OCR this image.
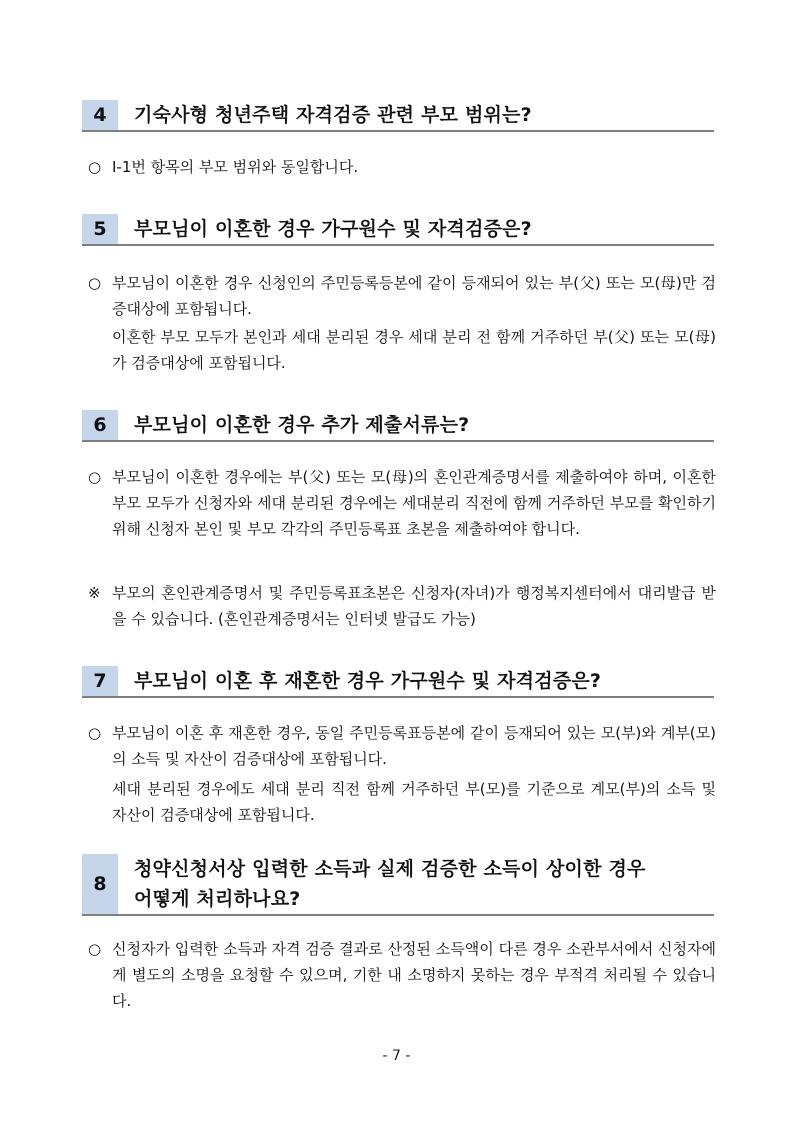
4	기숙사형 청년주택 자격검증 관련 부모 범위는?
○ Ⅰ-1번 항목의 부모 범위와 동일합니다.
5	부모님이 이혼한 경우 가구원수 및 자격검증은?
○ 부모님이 이혼한 경우 신청인의 주민등록등본에 같이 등재되어 있는 부(父) 또는 모(母)만 검증대상에 포함됩니다.
이혼한 부모 모두가 본인과 세대 분리된 경우 세대 분리 전 함께 거주하던 부(父) 또는 모(母)가 검증대상에 포함됩니다.
6	부모님이 이혼한 경우 추가 제출서류는?
○ 부모님이 이혼한 경우에는 부(父) 또는 모(母)의 혼인관계증명서를 제출하여야 하며, 이혼한 부모 모두가 신청자와 세대 분리된 경우에는 세대분리 직전에 함께 거주하던 부모를 확인하기 위해 신청자 본인 및 부모 각각의 주민등록표 초본을 제출하여야 합니다.
※ 부모의 혼인관계증명서 및 주민등록표초본은 신청자(자녀)가 행정복지센터에서 대리발급 받을 수 있습니다. (혼인관계증명서는 인터넷 발급도 가능)
7	부모님이 이혼 후 재혼한 경우 가구원수 및 자격검증은?
○ 부모님이 이혼 후 재혼한 경우, 동일 주민등록표등본에 같이 등재되어 있는 모(부)와 계부(모)의 소득 및 자산이 검증대상에 포함됩니다.
세대 분리된 경우에도 세대 분리 직전 함께 거주하던 부(모)를 기준으로 계모(부)의 소득 및 자산이 검증대상에 포함됩니다.
8
청약신청서상 입력한 소득과 실제 검증한 소득이 상이한 경우
어떻게 처리하나요?
○ 신청자가 입력한 소득과 자격 검증 결과로 산정된 소득액이 다른 경우 소관부서에서 신청자에게 별도의 소명을 요청할 수 있으며, 기한 내 소명하지 못하는 경우 부적격 처리될 수 있습니다.
- 7 -
